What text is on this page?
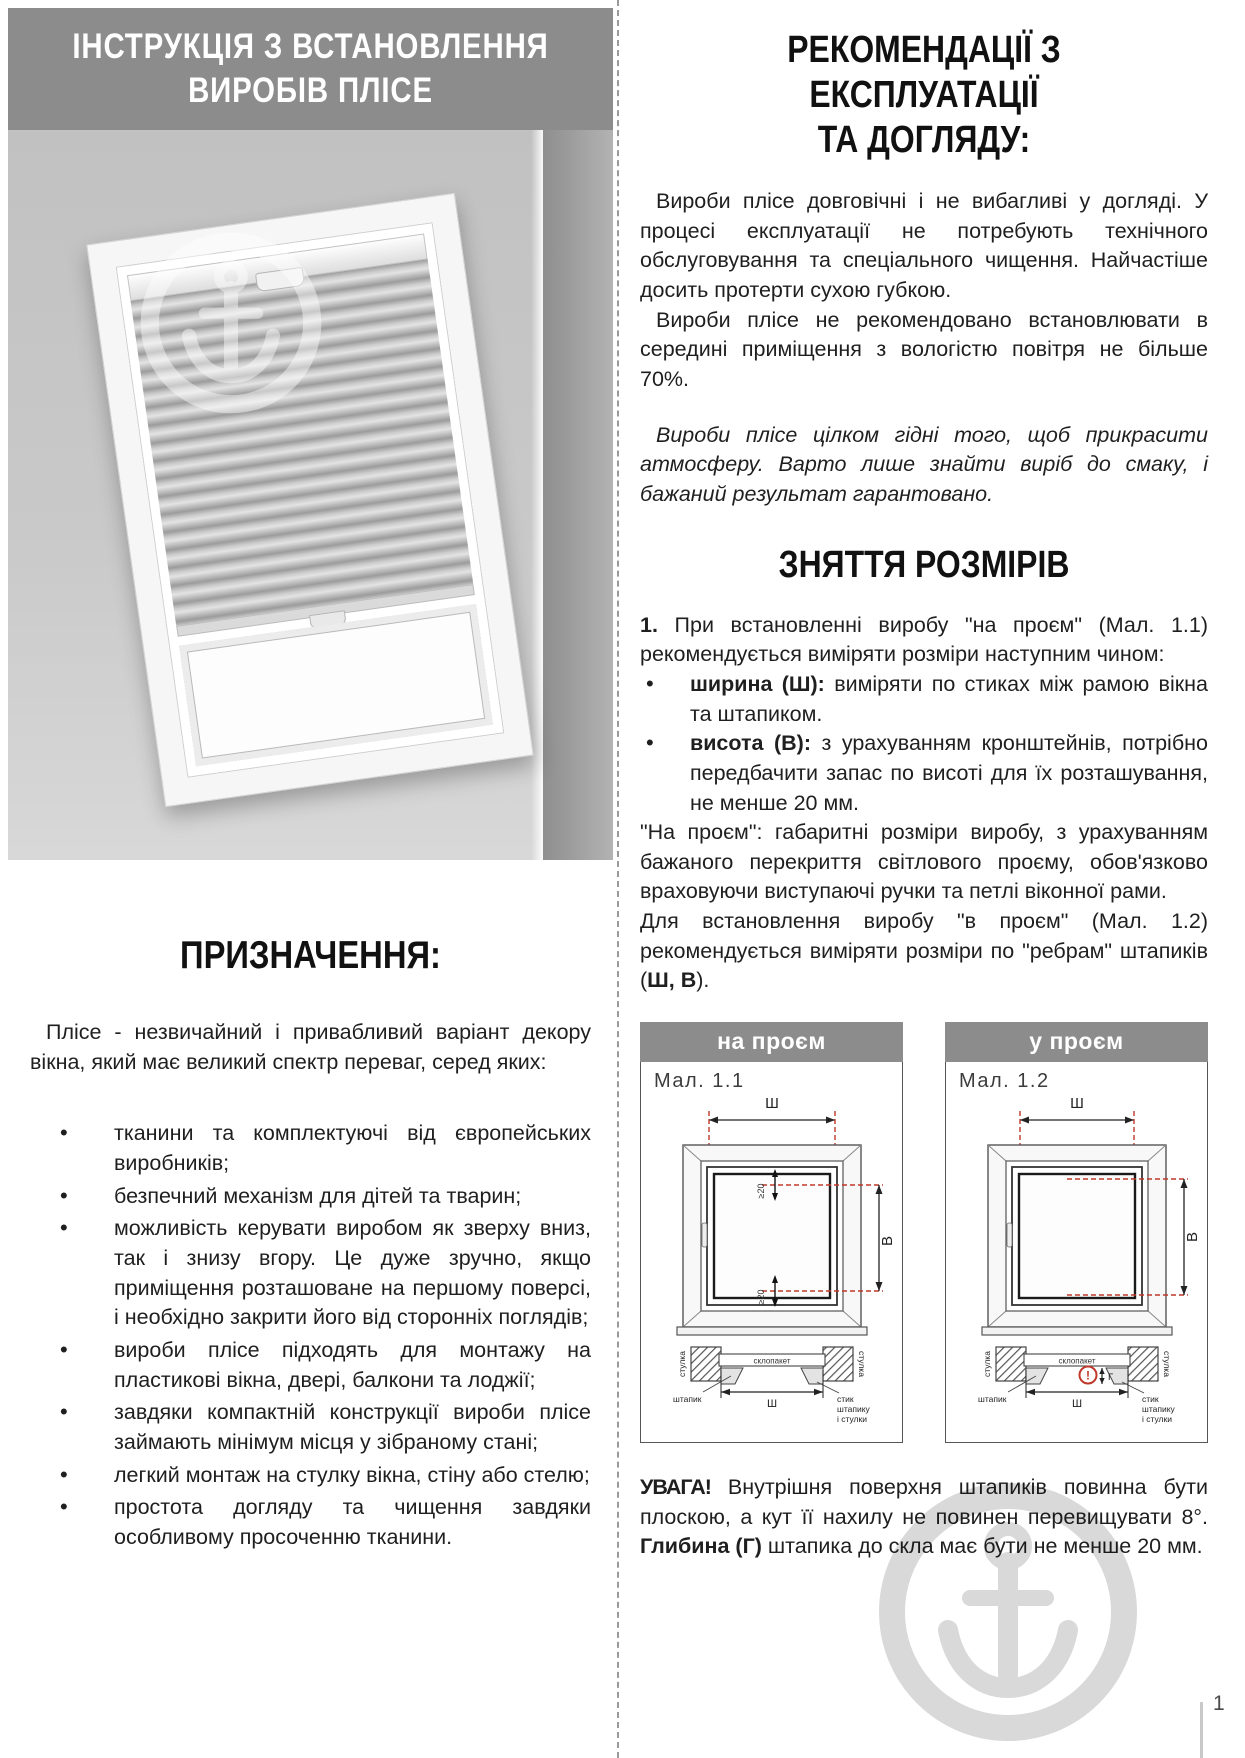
ІНСТРУКЦІЯ З ВСТАНОВЛЕННЯ
ВИРОБІВ ПЛІСЕ
ПРИЗНАЧЕННЯ:

Плісе - незвичайний і привабливий варіант декору вікна, який має великий спектр переваг, серед яких:

• тканини та комплектуючі від європейських виробників;
• безпечний механізм для дітей та тварин;
• можливість керувати виробом як зверху вниз, так і знизу вгору. Це дуже зручно, якщо приміщення розташоване на першому поверсі, і необхідно закрити його від сторонніх поглядів;
• вироби плісе підходять для монтажу на пластикові вікна, двері, балкони та лоджії;
• завдяки компактній конструкції вироби плісе займають мінімум місця у зібраному стані;
• легкий монтаж на стулку вікна, стіну або стелю;
• простота догляду та чищення завдяки особливому просоченню тканини.
РЕКОМЕНДАЦІЇ З ЕКСПЛУАТАЦІЇ
ТА ДОГЛЯДУ:

Вироби плісе довговічні і не вибагливі у догляді. У процесі експлуатації не потребують технічного обслуговування та спеціального чищення. Найчастіше досить протерти сухою губкою.

Вироби плісе не рекомендовано встановлювати в середині приміщення з вологістю повітря не більше 70%.

Вироби плісе цілком гідні того, щоб прикрасити атмосферу. Варто лише знайти виріб до смаку, і бажаний результат гарантовано.

ЗНЯТТЯ РОЗМІРІВ

1. При встановленні виробу "на проєм" (Мал. 1.1) рекомендується виміряти розміри наступним чином:

• ширина (Ш): виміряти по стиках між рамою вікна та штапиком.
• висота (В): з урахуванням кронштейнів, потрібно передбачити запас по висоті для їх розташування, не менше 20 мм.

"На проєм": габаритні розміри виробу, з урахуванням бажаного перекриття світлового проєму, обов'язково враховуючи виступаючі ручки та петлі віконної рами.

Для встановлення виробу "в проєм" (Мал. 1.2) рекомендується виміряти розміри по "ребрам" штапиків (Ш, В).

на проєм
Мал. 1.1
Ш
≥20
≥20
В
склопакет
Ш
штапик
стулка	стулка
стик
штапику
і стулки
у проєм
Мал. 1.2
Ш
В
склопакет
Ш
штапик
стулка	стулка
стик
штапику
і стулки
! Г

УВАГА! Внутрішня поверхня штапиків повинна бути плоскою, а кут її нахилу не повинен перевищувати 8°. Глибина (Г) штапика до скла має бути не менше 20 мм.

1
